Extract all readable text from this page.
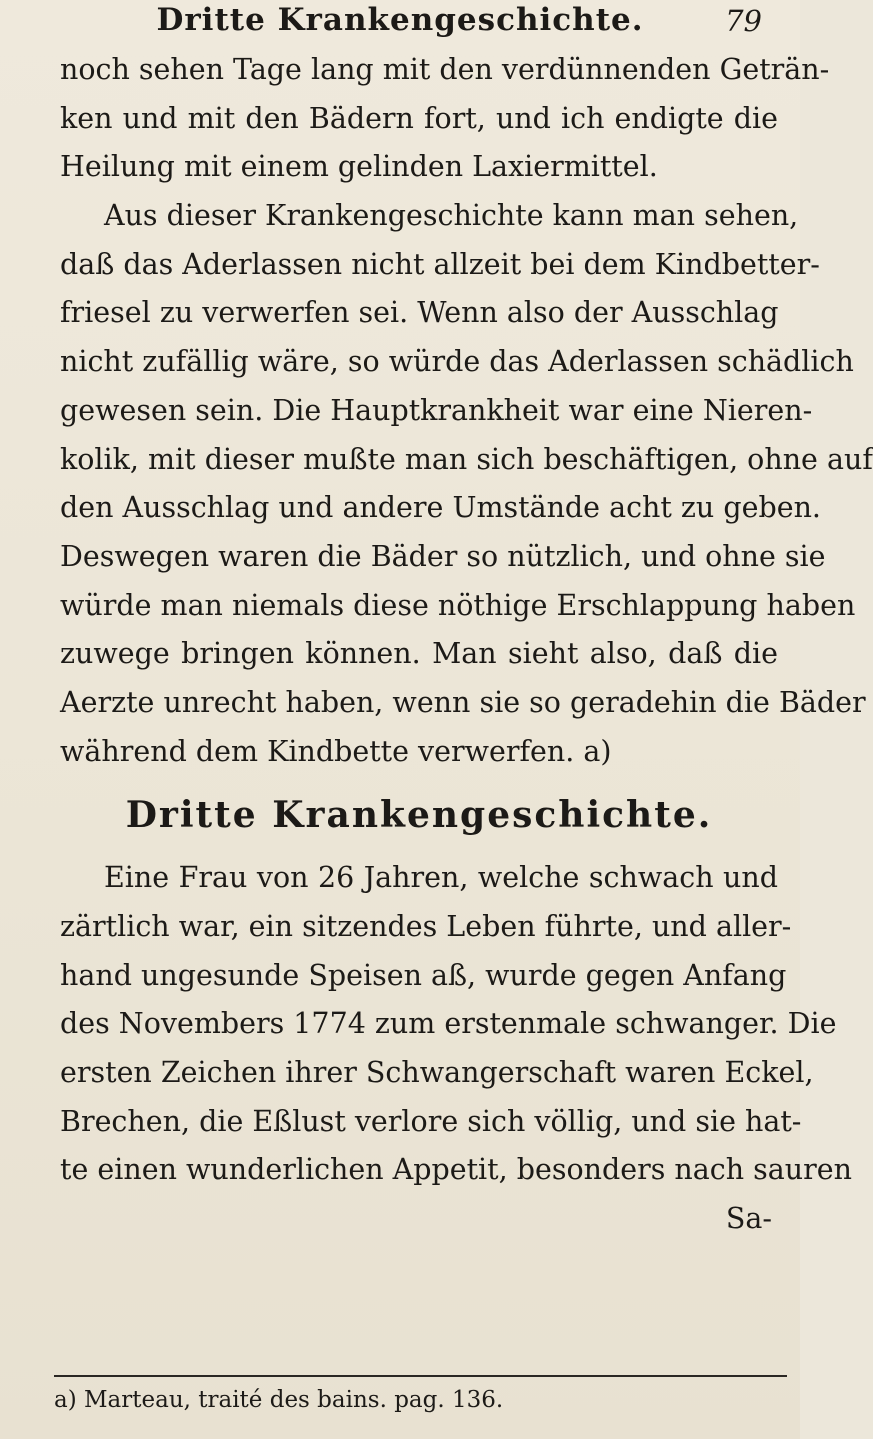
Dritte Krankengeschichte.	79
noch sehen Tage lang mit den verdünnenden Geträn-
ken und mit den Bädern fort, und ich endigte die
Heilung mit einem gelinden Laxiermittel.
Aus dieser Krankengeschichte kann man sehen,
daß das Aderlassen nicht allzeit bei dem Kindbetter-
friesel zu verwerfen sei. Wenn also der Ausschlag
nicht zufällig wäre, so würde das Aderlassen schädlich
gewesen sein. Die Hauptkrankheit war eine Nieren-
kolik, mit dieser mußte man sich beschäftigen, ohne auf
den Ausschlag und andere Umstände acht zu geben.
Deswegen waren die Bäder so nützlich, und ohne sie
würde man niemals diese nöthige Erschlappung haben
zuwege bringen können. Man sieht also, daß die
Aerzte unrecht haben, wenn sie so geradehin die Bäder
während dem Kindbette verwerfen. a)
Dritte Krankengeschichte.
Eine Frau von 26 Jahren, welche schwach und
zärtlich war, ein sitzendes Leben führte, und aller-
hand ungesunde Speisen aß, wurde gegen Anfang
des Novembers 1774 zum erstenmale schwanger. Die
ersten Zeichen ihrer Schwangerschaft waren Eckel,
Brechen, die Eßlust verlore sich völlig, und sie hat-
te einen wunderlichen Appetit, besonders nach sauren
Sa-
a) Marteau, traité des bains. pag. 136.
